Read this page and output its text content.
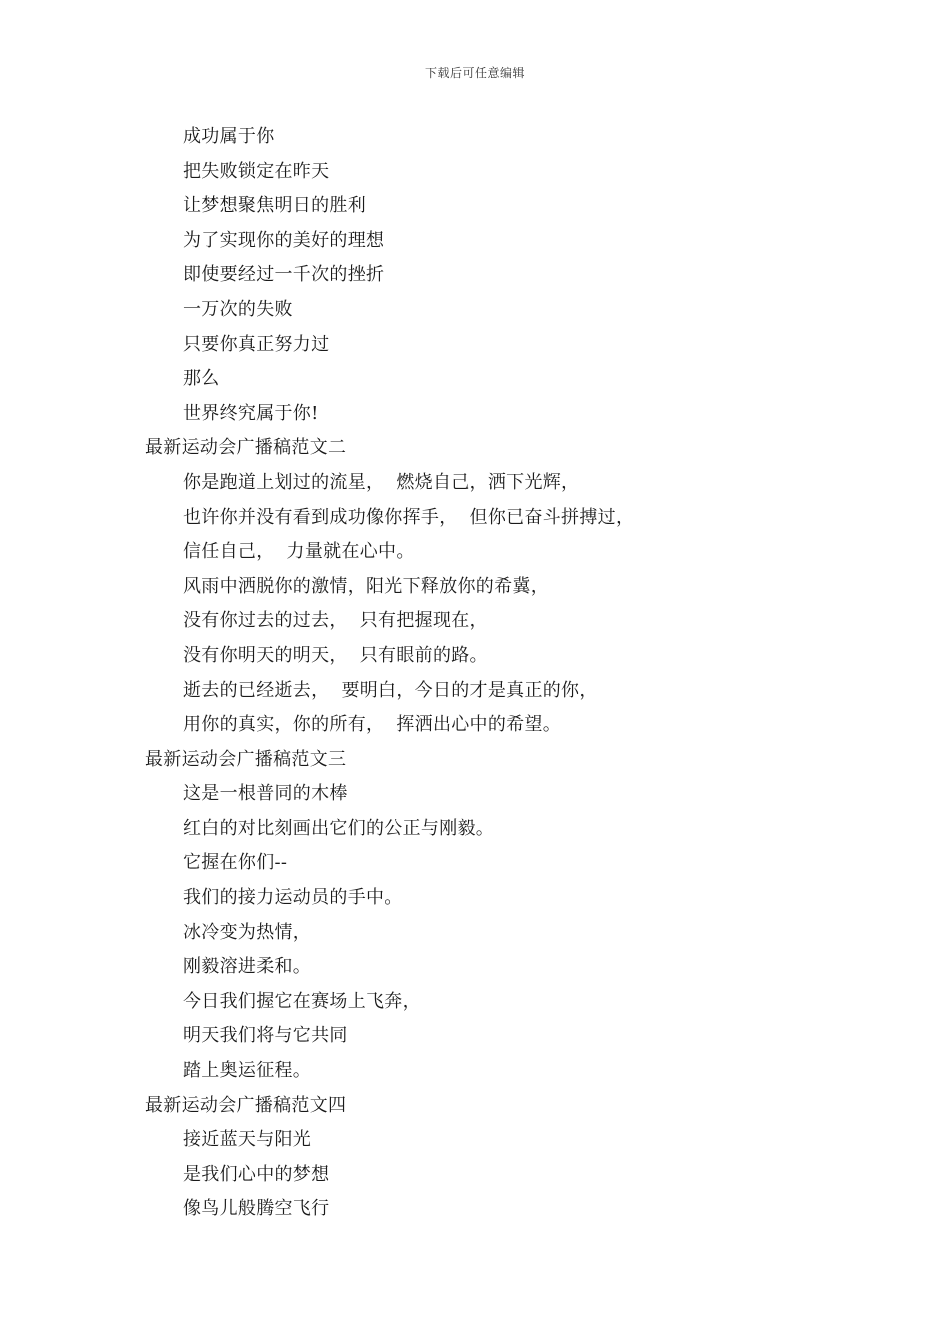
下载后可任意编辑
成功属于你
把失败锁定在昨天
让梦想聚焦明日的胜利
为了实现你的美好的理想
即使要经过一千次的挫折
一万次的失败
只要你真正努力过
那么
世界终究属于你!
最新运动会广播稿范文二
你是跑道上划过的流星，  燃烧自己，洒下光辉，
也许你并没有看到成功像你挥手，  但你已奋斗拼搏过，
信任自己，  力量就在心中。
风雨中洒脱你的激情，阳光下释放你的希冀，
没有你过去的过去，  只有把握现在，
没有你明天的明天，  只有眼前的路。
逝去的已经逝去，  要明白，今日的才是真正的你，
用你的真实，你的所有，  挥洒出心中的希望。
最新运动会广播稿范文三
这是一根普同的木棒
红白的对比刻画出它们的公正与刚毅。
它握在你们--
我们的接力运动员的手中。
冰冷变为热情，
刚毅溶进柔和。
今日我们握它在赛场上飞奔，
明天我们将与它共同
踏上奥运征程。
最新运动会广播稿范文四
接近蓝天与阳光
是我们心中的梦想
像鸟儿般腾空飞行
